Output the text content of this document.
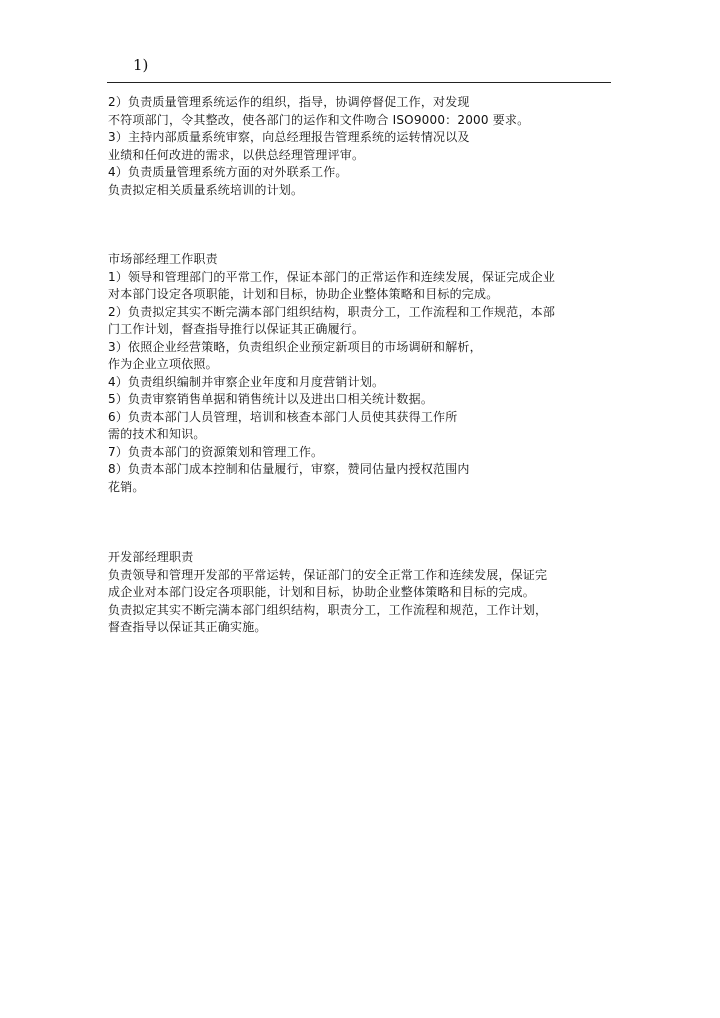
1)
2）负责质量管理系统运作的组织，指导，协调停督促工作，对发现
不符项部门，令其整改，使各部门的运作和文件吻合 ISO9000：2000 要求。
3）主持内部质量系统审察，向总经理报告管理系统的运转情况以及
业绩和任何改进的需求，以供总经理管理评审。
4）负责质量管理系统方面的对外联系工作。
负责拟定相关质量系统培训的计划。
市场部经理工作职责
1）领导和管理部门的平常工作，保证本部门的正常运作和连续发展，保证完成企业
对本部门设定各项职能，计划和目标，协助企业整体策略和目标的完成。
2）负责拟定其实不断完满本部门组织结构，职责分工，工作流程和工作规范，本部
门工作计划，督查指导推行以保证其正确履行。
3）依照企业经营策略，负责组织企业预定新项目的市场调研和解析，
作为企业立项依照。
4）负责组织编制并审察企业年度和月度营销计划。
5）负责审察销售单据和销售统计以及进出口相关统计数据。
6）负责本部门人员管理，培训和核查本部门人员使其获得工作所
需的技术和知识。
7）负责本部门的资源策划和管理工作。
8）负责本部门成本控制和估量履行，审察，赞同估量内授权范围内
花销。
开发部经理职责
负责领导和管理开发部的平常运转，保证部门的安全正常工作和连续发展，保证完
成企业对本部门设定各项职能，计划和目标，协助企业整体策略和目标的完成。
负责拟定其实不断完满本部门组织结构，职责分工，工作流程和规范，工作计划，
督查指导以保证其正确实施。
